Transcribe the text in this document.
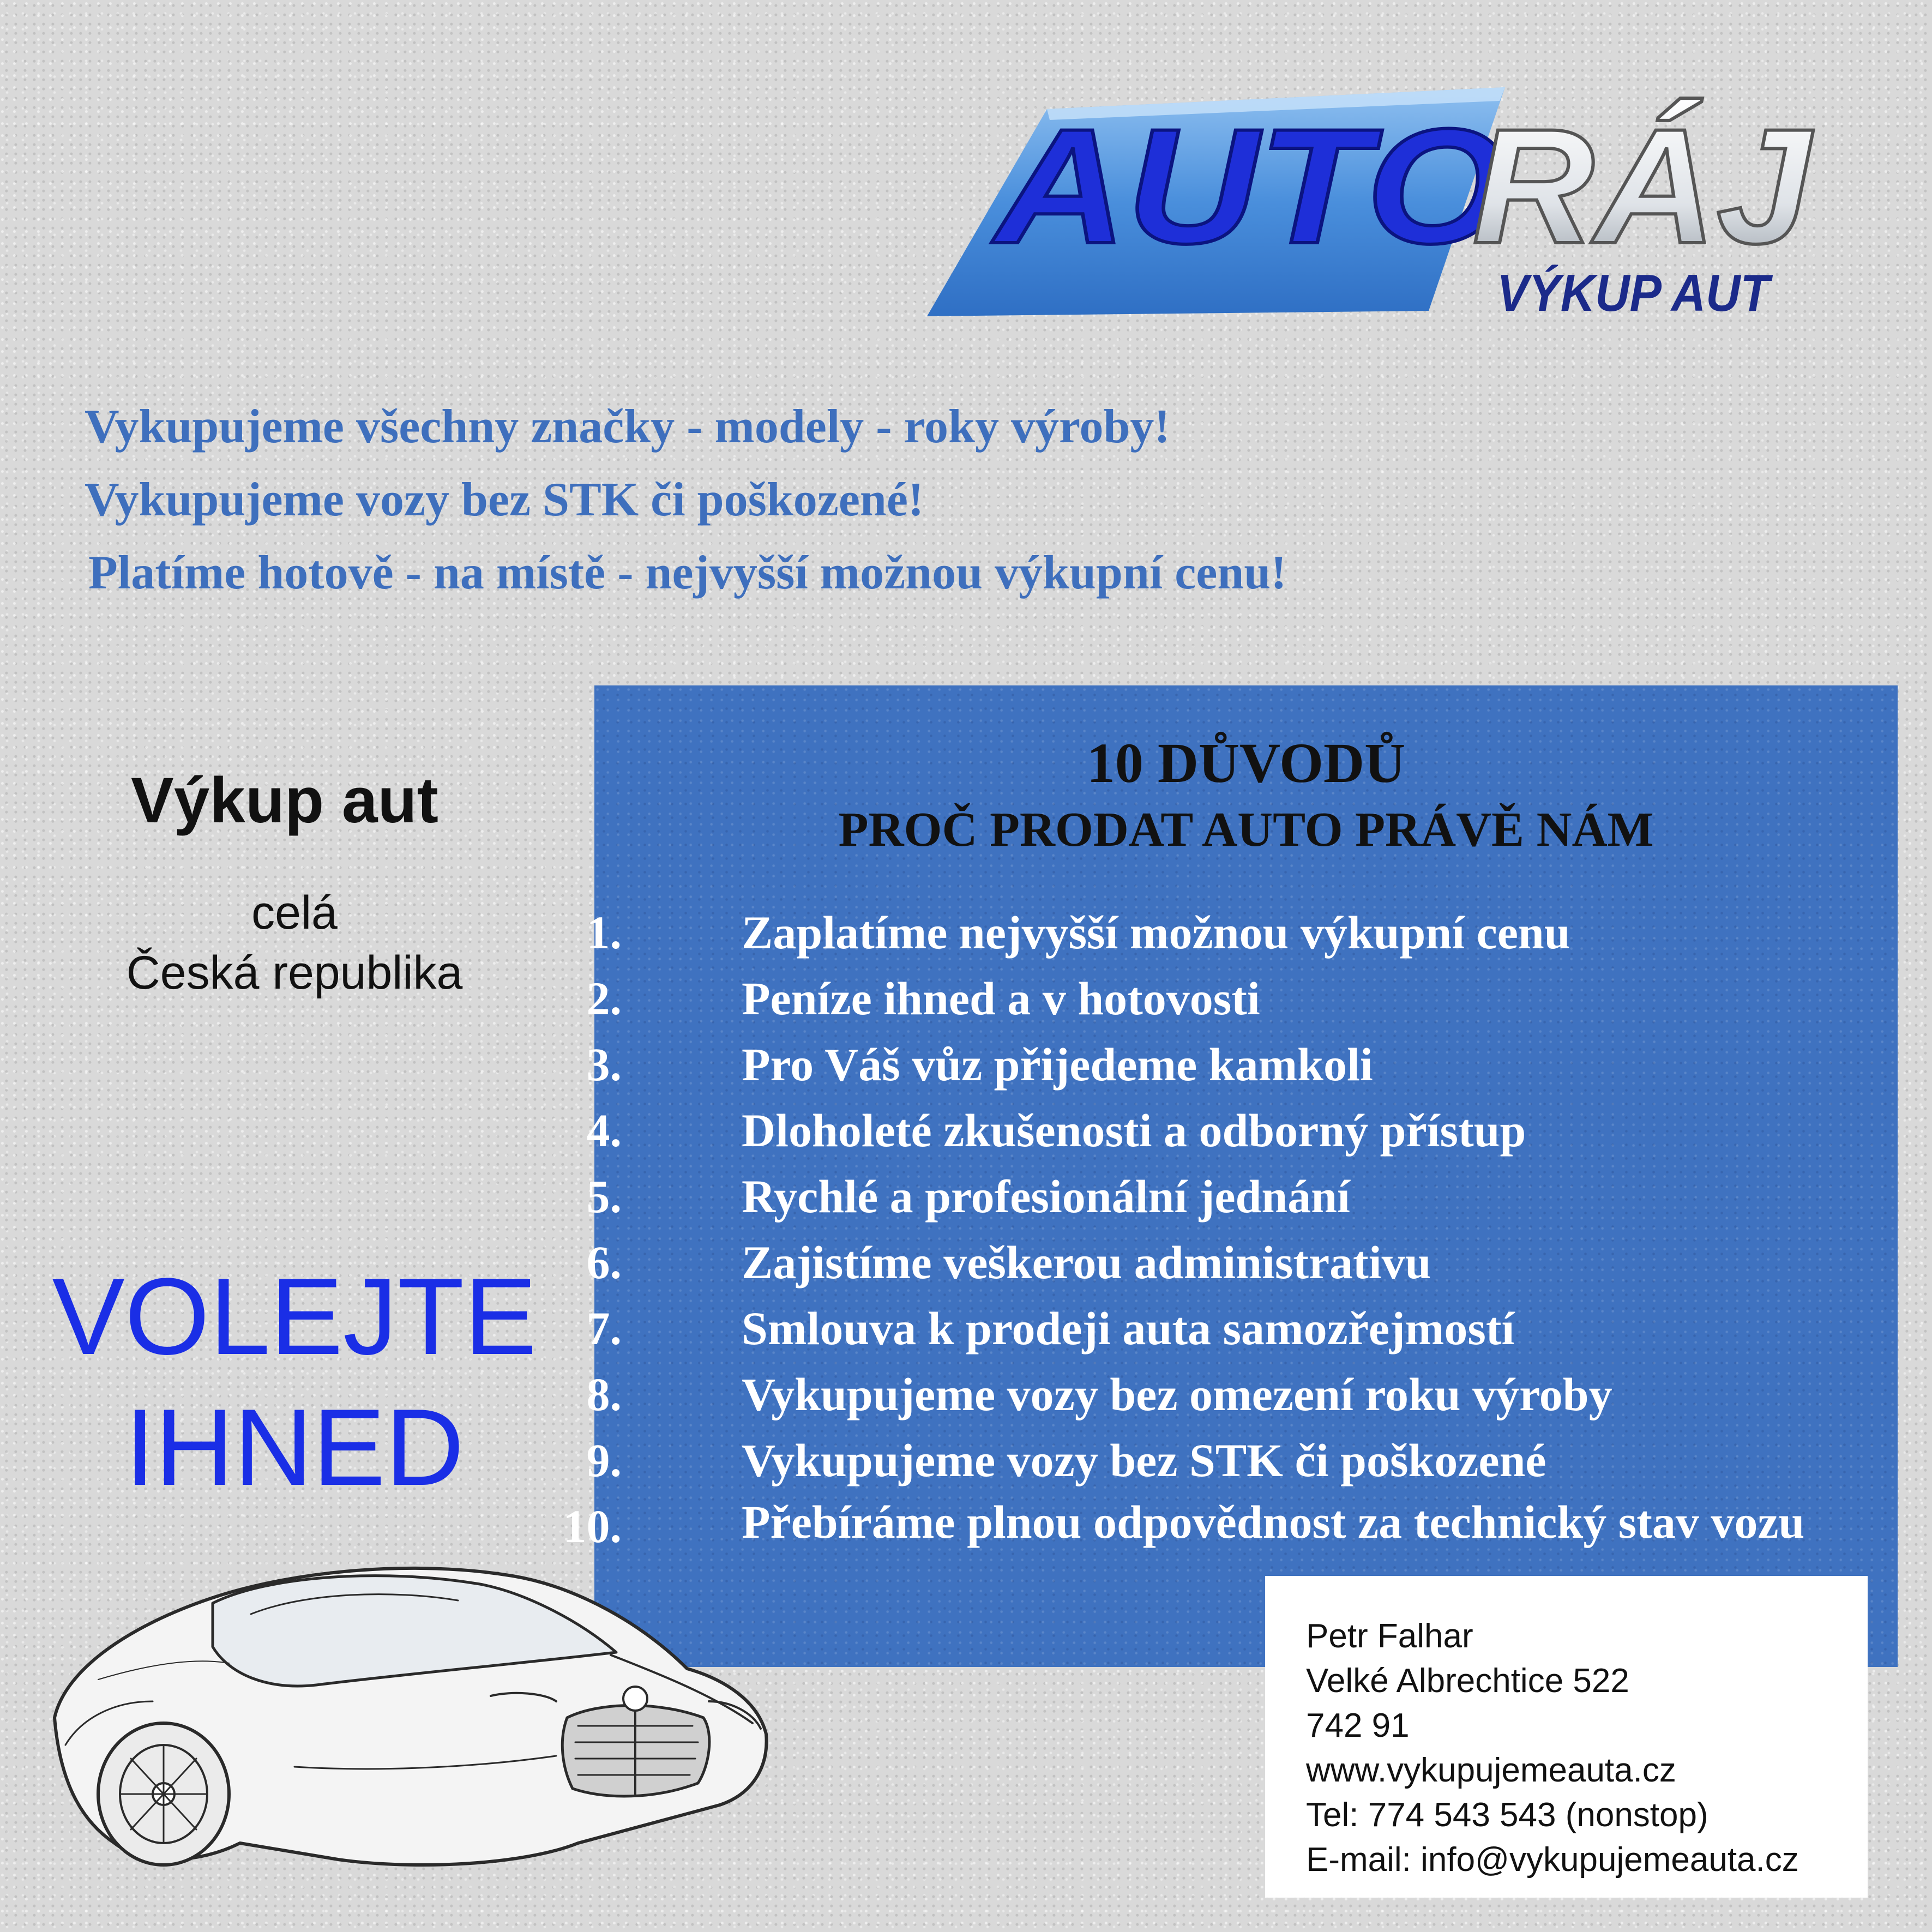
AUTO
RÁJ
VÝKUP AUT
Vykupujeme všechny značky - modely - roky výroby!
Vykupujeme vozy bez STK či poškozené!
Platíme hotově - na místě - nejvyšší možnou výkupní cenu!
Výkup aut
celá
Česká republika
VOLEJTE
IHNED
10 DŮVODŮ
PROČ PRODAT AUTO PRÁVĚ NÁM
1.	Zaplatíme nejvyšší možnou výkupní cenu
2.	Peníze ihned a v hotovosti
3.	Pro Váš vůz přijedeme kamkoli
4.	Dloholeté zkušenosti a odborný přístup
5.	Rychlé a profesionální jednání
6.	Zajistíme veškerou administrativu
7.	Smlouva k prodeji auta samozřejmostí
8.	Vykupujeme vozy bez omezení roku výroby
9.	Vykupujeme vozy bez STK či poškozené
10.	Přebíráme plnou odpovědnost za technický stav vozu
Petr Falhar
Velké Albrechtice 522
742 91
www.vykupujemeauta.cz
Tel: 774 543 543 (nonstop)
E-mail: info@vykupujemeauta.cz
